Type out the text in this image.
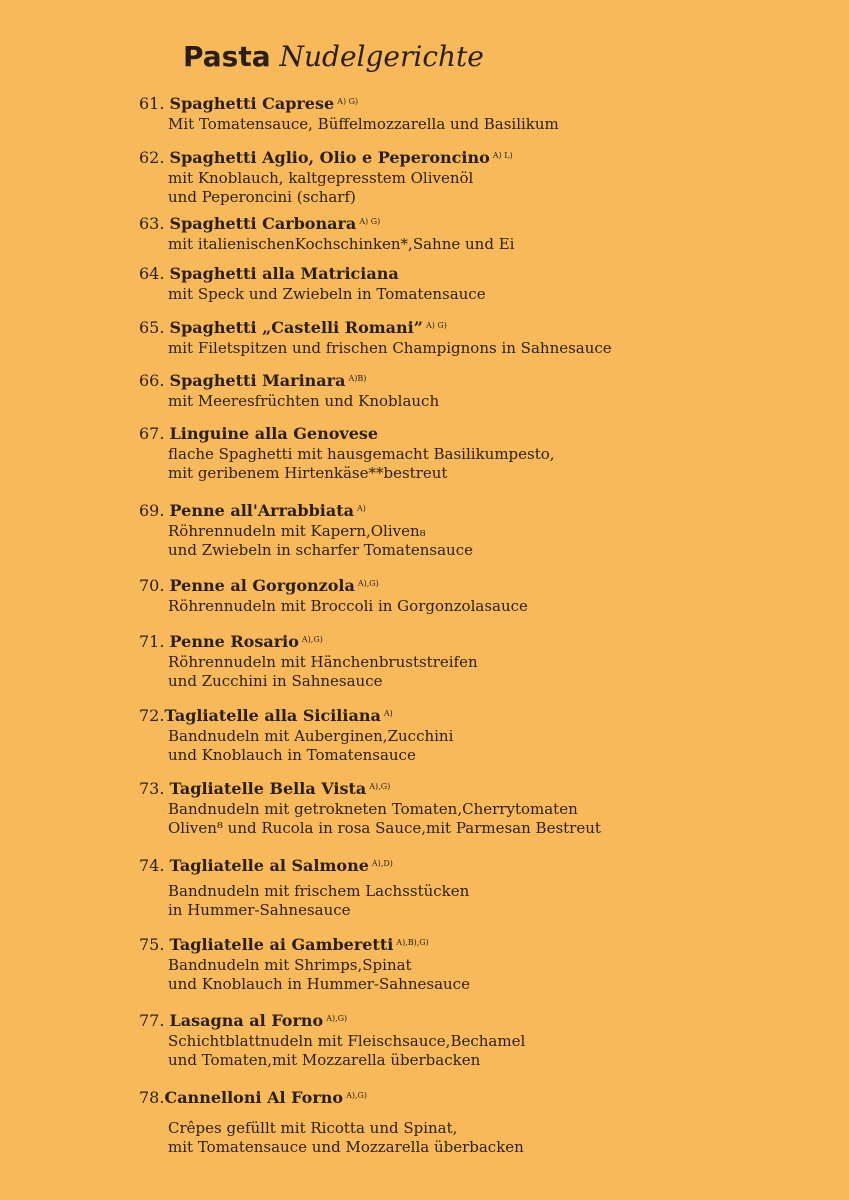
Pasta Nudelgerichte
61. Spaghetti Caprese $^{A) G)}$
Mit Tomatensauce, Büffelmozzarella und Basilikum
62. Spaghetti Aglio, Olio e Peperoncino $^{A) L)}$
mit Knoblauch, kaltgepresstem Olivenöl
und Peperoncini (scharf)
63. Spaghetti Carbonara $^{A) G)}$
mit italienischenKochschinken*,Sahne und Ei
64. Spaghetti alla Matriciana
mit Speck und Zwiebeln in Tomatensauce
65. Spaghetti „Castelli Romani” $^{A) G)}$
mit Filetspitzen und frischen Champignons in Sahnesauce
66. Spaghetti Marinara $^{A)B)}$
mit Meeresfrüchten und Knoblauch
67. Linguine alla Genovese
flache Spaghetti mit hausgemacht Basilikumpesto,
mit geribenem Hirtenkäse**bestreut
69. Penne all'Arrabbiata $^{A)}$
Röhrennudeln mit Kapern,Oliven₈
und Zwiebeln in scharfer Tomatensauce
70. Penne al Gorgonzola $^{A),G)}$
Röhrennudeln mit Broccoli in Gorgonzolasauce
71. Penne Rosario $^{A),G)}$
Röhrennudeln mit Hänchenbruststreifen
und Zucchini in Sahnesauce
72.Tagliatelle alla Siciliana $^{A)}$
Bandnudeln mit Auberginen,Zucchini
und Knoblauch in Tomatensauce
73. Tagliatelle Bella Vista $^{A),G)}$
Bandnudeln mit getrokneten Tomaten,Cherrytomaten
Oliven⁸ und Rucola in rosa Sauce,mit Parmesan Bestreut
74. Tagliatelle al Salmone $^{A),D)}$
Bandnudeln mit frischem Lachsstücken
in Hummer-Sahnesauce
75. Tagliatelle ai Gamberetti $^{A),B),G)}$
Bandnudeln mit Shrimps,Spinat
und Knoblauch in Hummer-Sahnesauce
77. Lasagna al Forno $^{A),G)}$
Schichtblattnudeln mit Fleischsauce,Bechamel
und Tomaten,mit Mozzarella überbacken
78.Cannelloni Al Forno $^{A),G)}$
Crêpes gefüllt mit Ricotta und Spinat,
mit Tomatensauce und Mozzarella überbacken
